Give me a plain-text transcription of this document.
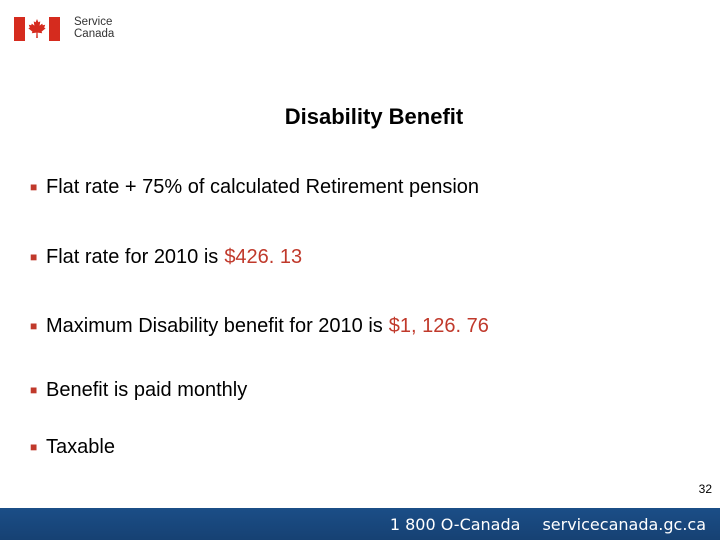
Service
Canada
Disability Benefit
■ Flat rate + 75% of calculated Retirement pension
■ Flat rate for 2010 is $426. 13
■ Maximum Disability benefit for 2010 is $1, 126. 76
■ Benefit is paid monthly
■ Taxable
32
1 800 O-Canada servicecanada.gc.ca
